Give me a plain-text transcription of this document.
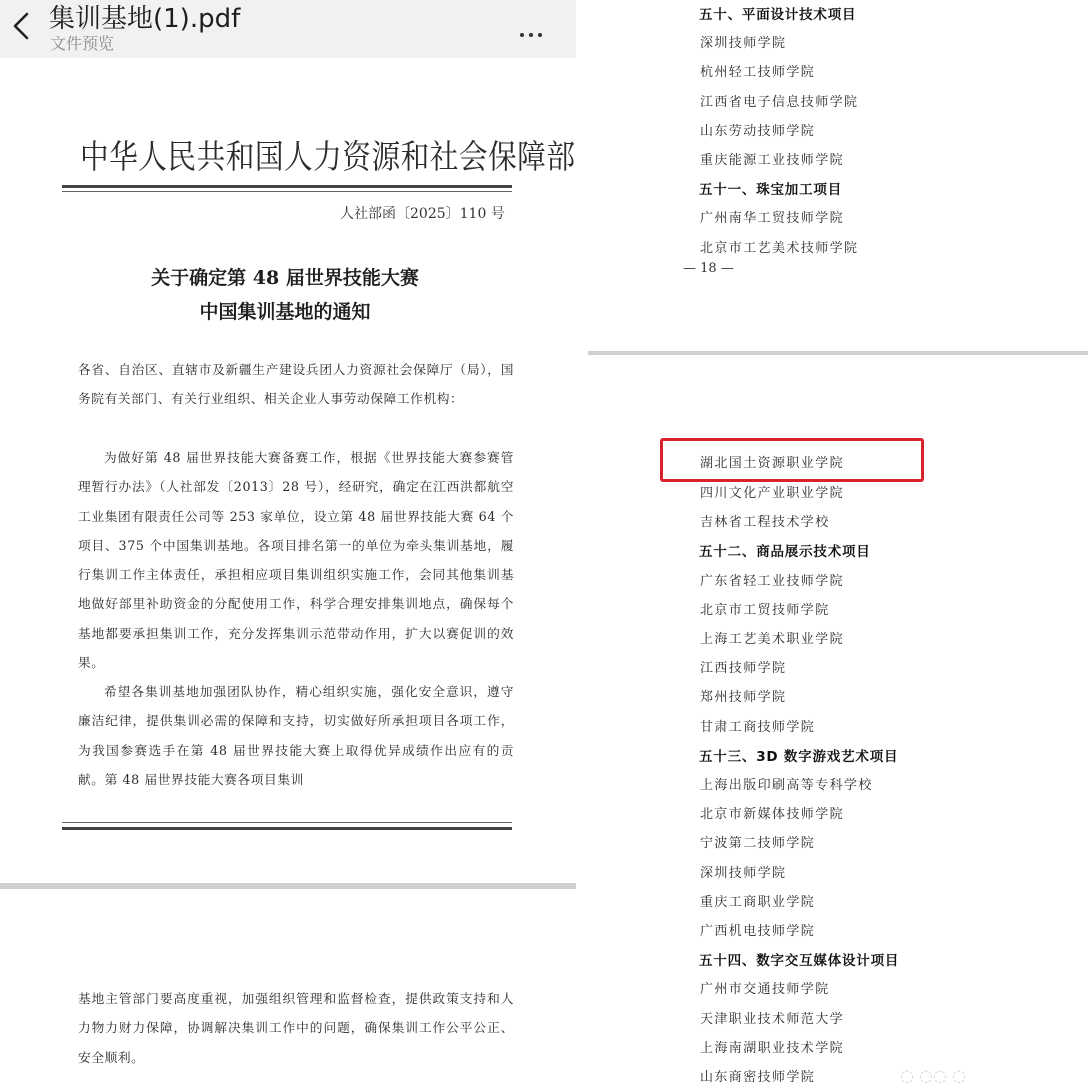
集训基地(1).pdf
文件预览
中华人民共和国人力资源和社会保障部
人社部函〔2025〕110 号
关于确定第 48 届世界技能大赛
中国集训基地的通知
各省、自治区、直辖市及新疆生产建设兵团人力资源社会保障厅（局），国务院有关部门、有关行业组织、相关企业人事劳动保障工作机构：
为做好第 48 届世界技能大赛备赛工作，根据《世界技能大赛参赛管理暂行办法》（人社部发〔2013〕28 号），经研究，确定在江西洪都航空工业集团有限责任公司等 253 家单位，设立第 48 届世界技能大赛 64 个项目、375 个中国集训基地。各项目排名第一的单位为牵头集训基地，履行集训工作主体责任，承担相应项目集训组织实施工作，会同其他集训基地做好部里补助资金的分配使用工作，科学合理安排集训地点，确保每个基地都要承担集训工作，充分发挥集训示范带动作用，扩大以赛促训的效果。
希望各集训基地加强团队协作，精心组织实施，强化安全意识，遵守廉洁纪律，提供集训必需的保障和支持，切实做好所承担项目各项工作，为我国参赛选手在第 48 届世界技能大赛上取得优异成绩作出应有的贡献。第 48 届世界技能大赛各项目集训
基地主管部门要高度重视，加强组织管理和监督检查，提供政策支持和人力物力财力保障，协调解决集训工作中的问题，确保集训工作公平公正、安全顺利。
五十、平面设计技术项目
深圳技师学院
杭州轻工技师学院
江西省电子信息技师学院
山东劳动技师学院
重庆能源工业技师学院
五十一、珠宝加工项目
广州南华工贸技师学院
北京市工艺美术技师学院
— 18 —
湖北国土资源职业学院
四川文化产业职业学院
吉林省工程技术学校
五十二、商品展示技术项目
广东省轻工业技师学院
北京市工贸技师学院
上海工艺美术职业学院
江西技师学院
郑州技师学院
甘肃工商技师学院
五十三、3D 数字游戏艺术项目
上海出版印刷高等专科学校
北京市新媒体技师学院
宁波第二技师学院
深圳技师学院
重庆工商职业学院
广西机电技师学院
五十四、数字交互媒体设计项目
广州市交通技师学院
天津职业技术师范大学
上海南湖职业技术学院
山东商密技师学院	◌ ◌◌ ◌
